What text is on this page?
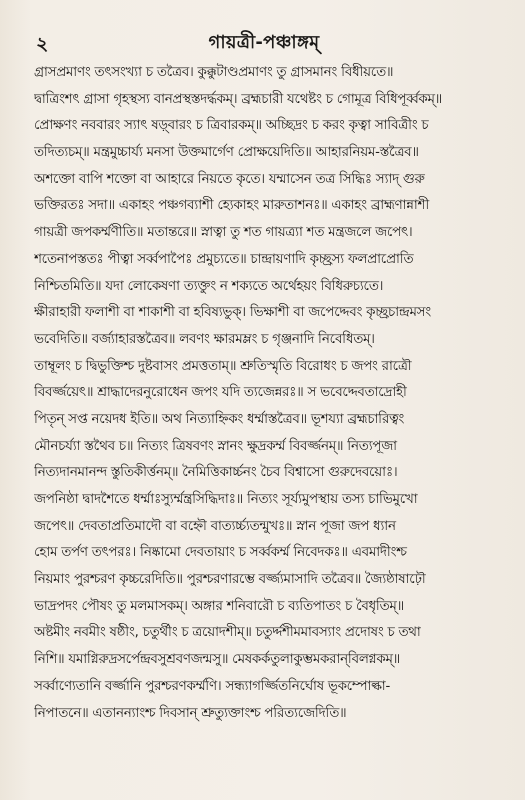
২	গায়ত্রী-পঞ্চাঙ্গম্
গ্রাসপ্রমাণং তৎসংখ্যা চ তত্রৈব। কুক্কুটাণ্ডপ্রমাণং তু গ্রাসমানং বিধীয়তে॥
দ্বাত্রিংশৎ গ্রাসা গৃহস্থস্য বানপ্রস্থস্তদর্দ্ধকম্। ব্রহ্মচারী যথেষ্টং চ গোমূত্র বিধিপূর্ব্বকম্॥
প্রোক্ষণং নববারং স্যাৎ ষড়্‌বারং চ ত্রিবারকম্॥ অচ্ছিদ্রং চ করং কৃত্বা সাবিত্রীং চ
তদিত্যচম্॥ মন্ত্রমুচ্চার্য্য মনসা উক্তমার্গেণ প্রোক্ষয়েদিতি॥ আহারনিয়ম-স্তত্রৈব॥
অশক্তো বাপি শক্তো বা আহারে নিয়তে কৃতে। যম্মাসেন তত্র সিদ্ধিঃ স্যাদ্ গুরু
ভক্তিরতঃ সদা॥ একাহং পঞ্চগব্যাশী হ্যেকাহং মারুতাশনঃ॥ একাহং ব্রাহ্মণান্নাশী
গায়ত্রী জপকর্ম্মণীতি॥ মতান্তরে॥ স্নাত্বা তু শত গায়ত্র্যা শত মন্ত্রজলে জপেৎ।
শতেনাপস্ততঃ পীত্বা সর্ব্বপাপৈঃ প্রমুচ্যতে॥ চান্দ্রায়ণাদি কৃচ্ছ্রস্য ফলপ্রাপ্রোতি
নিশ্চিতমিতি॥ যদা লোকেষণা ত্যক্তুং ন শক্যতে অর্থেহয়ং বিধিরুচ্যতে।
ক্ষীরাহারী ফলাশী বা শাকাশী বা হবিষ্যভুক্। ভিক্ষাশী বা জপেদ্দেবং কৃচ্ছ্রচান্দ্রমসং
ভবেদিতি॥ বর্জ্যাহারস্তত্রৈব॥ লবণং ক্ষারমম্লং চ গৃঞ্জনাদি নিবেধিতম্।
তাম্বূলং চ দ্বিভুক্তিশ্চ দুষ্টবাসং প্রমত্ততাম্॥ শ্রুতিস্মৃতি বিরোধং চ জপং রাত্রৌ
বিবর্জ্জয়েৎ॥ শ্রাদ্ধাদেরনুরোধেন জপং যদি ত্যজেন্নরঃ॥ স ভবেদ্দেবতাদ্রোহী
পিতৃন্ সপ্ত নয়েদধ ইতি॥ অথ নিত্যাহ্নিকং ধর্ম্মাস্তত্রৈব॥ ভূশয্যা ব্রহ্মচারিত্বং
মৌনচর্য্যা স্তথৈব চ॥ নিত্যং ত্রিষবণং স্নানং ক্ষুদ্রকর্ম্ম বিবর্জ্জনম্॥ নিত্যপূজা
নিত্যদানমানন্দ স্তুতিকীর্ত্তনম্॥ নৈমিত্তিকার্চ্চনং চৈব বিশ্বাসো গুরুদেবয়োঃ।
জপনিষ্ঠা দ্বাদশৈতে ধর্ম্মাঃস্যুর্ম্মন্ত্রসিদ্ধিদাঃ॥ নিত্যং সূর্য্যমুপস্থায় তস্য চাভিমুখো
জপেৎ॥ দেবতাপ্রতিমাদৌ বা বহ্নৌ বাত্যর্চ্চ্যতন্মুখঃ॥ স্নান পূজা জপ ধ্যান
হোম তর্পণ তৎপরঃ। নিষ্কামো দেবতায়াং চ সর্ব্বকর্ম্ম নিবেদকঃ॥ এবমাদীংশ্চ
নিয়মাং পুরশ্চরণ কৃচ্চরেদিতি॥ পুরশ্চরণারম্ভে বর্জ্জ্যমাসাদি তত্রৈব॥ জ্যৈষ্ঠাষাঢ়ৌ
ভাদ্রপদং পৌষং তু মলমাসকম্। অঙ্গার শনিবারৌ চ ব্যতিপাতং চ বৈধৃতিম্॥
অষ্টমীং নবমীং ষষ্ঠীং, চতুর্থীং চ ত্রয়োদশীম্॥ চতুর্দ্দশীমমাবস্যাং প্রদোষং চ তথা
নিশি॥ যমাগ্নিরুদ্রসর্পেন্দ্রবসুশ্রবণজন্মসু॥ মেষকর্কতুলাকুম্ভমকরান্‌বিলগ্নকম্॥
সর্ব্বাণ্যেতানি বর্জ্জানি পুরশ্চরণকর্ম্মণি। সন্ধ্যাগর্জ্জিতনির্ঘোষ ভূকম্পোল্কা-
নিপাতনে॥ এতানন্যাংশ্চ দিবসান্ শ্রুত্যুক্তাংশ্চ পরিত্যজেদিতি॥
